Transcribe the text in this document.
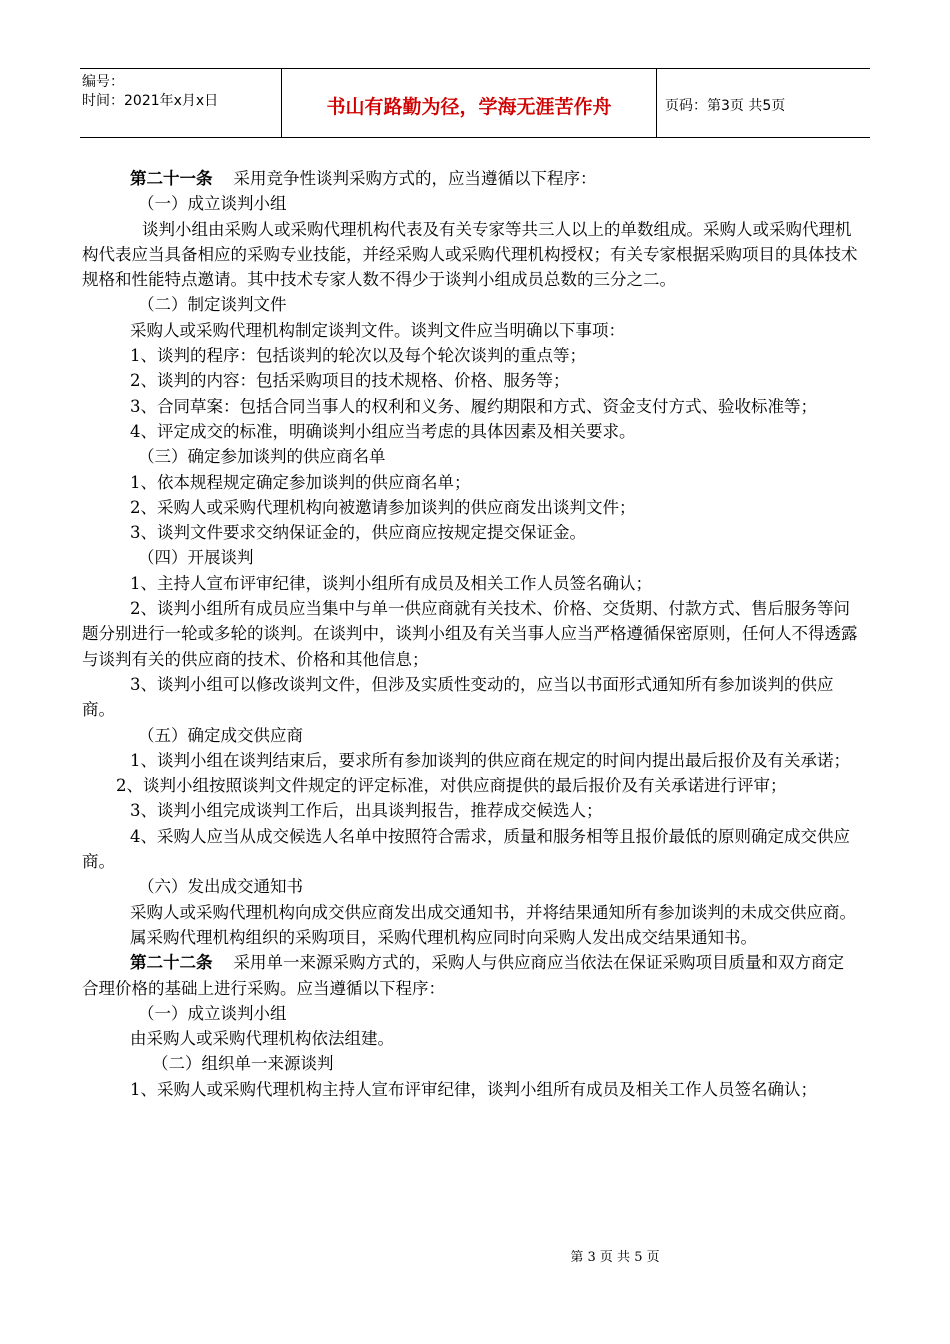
编号：
时间：2021年x月x日	书山有路勤为径，学海无涯苦作舟	页码：第3页 共5页

第二十一条 采用竞争性谈判采购方式的，应当遵循以下程序：

（一）成立谈判小组

谈判小组由采购人或采购代理机构代表及有关专家等共三人以上的单数组成。采购人或采购代理机构代表应当具备相应的采购专业技能，并经采购人或采购代理机构授权；有关专家根据采购项目的具体技术规格和性能特点邀请。其中技术专家人数不得少于谈判小组成员总数的三分之二。

（二）制定谈判文件

采购人或采购代理机构制定谈判文件。谈判文件应当明确以下事项：

1、谈判的程序：包括谈判的轮次以及每个轮次谈判的重点等；

2、谈判的内容：包括采购项目的技术规格、价格、服务等；

3、合同草案：包括合同当事人的权利和义务、履约期限和方式、资金支付方式、验收标准等；

4、评定成交的标准，明确谈判小组应当考虑的具体因素及相关要求。

（三）确定参加谈判的供应商名单

1、依本规程规定确定参加谈判的供应商名单；

2、采购人或采购代理机构向被邀请参加谈判的供应商发出谈判文件；

3、谈判文件要求交纳保证金的，供应商应按规定提交保证金。

（四）开展谈判

1、主持人宣布评审纪律，谈判小组所有成员及相关工作人员签名确认；

2、谈判小组所有成员应当集中与单一供应商就有关技术、价格、交货期、付款方式、售后服务等问题分别进行一轮或多轮的谈判。在谈判中，谈判小组及有关当事人应当严格遵循保密原则，任何人不得透露与谈判有关的供应商的技术、价格和其他信息；

3、谈判小组可以修改谈判文件，但涉及实质性变动的，应当以书面形式通知所有参加谈判的供应商。

（五）确定成交供应商

1、谈判小组在谈判结束后，要求所有参加谈判的供应商在规定的时间内提出最后报价及有关承诺；

2、谈判小组按照谈判文件规定的评定标准，对供应商提供的最后报价及有关承诺进行评审；

3、谈判小组完成谈判工作后，出具谈判报告，推荐成交候选人；

4、采购人应当从成交候选人名单中按照符合需求，质量和服务相等且报价最低的原则确定成交供应商。

（六）发出成交通知书

采购人或采购代理机构向成交供应商发出成交通知书，并将结果通知所有参加谈判的未成交供应商。

属采购代理机构组织的采购项目，采购代理机构应同时向采购人发出成交结果通知书。

第二十二条 采用单一来源采购方式的，采购人与供应商应当依法在保证采购项目质量和双方商定合理价格的基础上进行采购。应当遵循以下程序：

（一）成立谈判小组

由采购人或采购代理机构依法组建。

（二）组织单一来源谈判

1、采购人或采购代理机构主持人宣布评审纪律，谈判小组所有成员及相关工作人员签名确认；

第 3 页 共 5 页
